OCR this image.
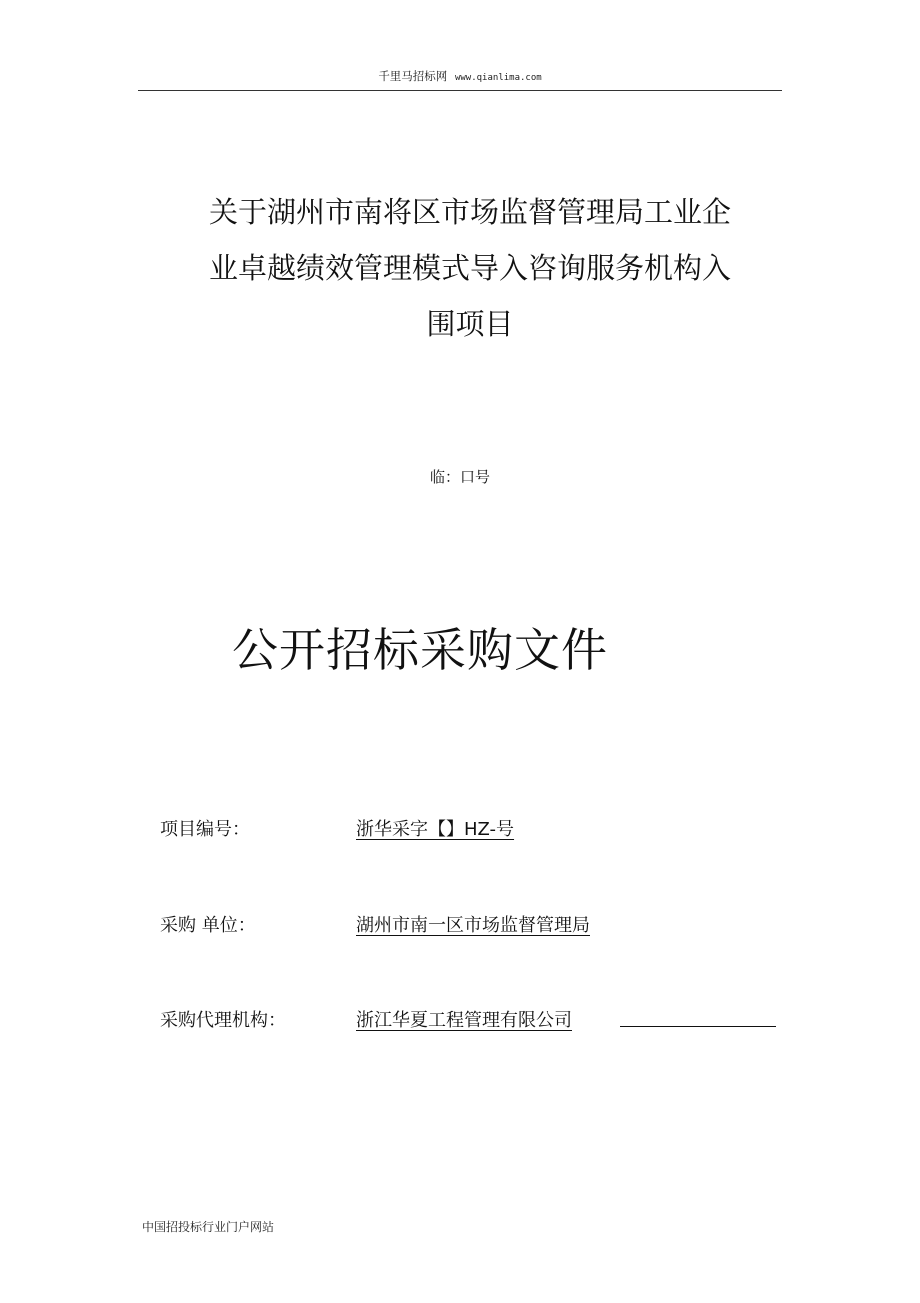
千里马招标网 www.qianlima.com
关于湖州市南将区市场监督管理局工业企
业卓越绩效管理模式导入咨询服务机构入
围项目
临：口号
公开招标采购文件
项目编号：	浙华采字【】HZ-号
采购 单位：	湖州市南一区市场监督管理局
采购代理机构：	浙江华夏工程管理有限公司
中国招投标行业门户网站
